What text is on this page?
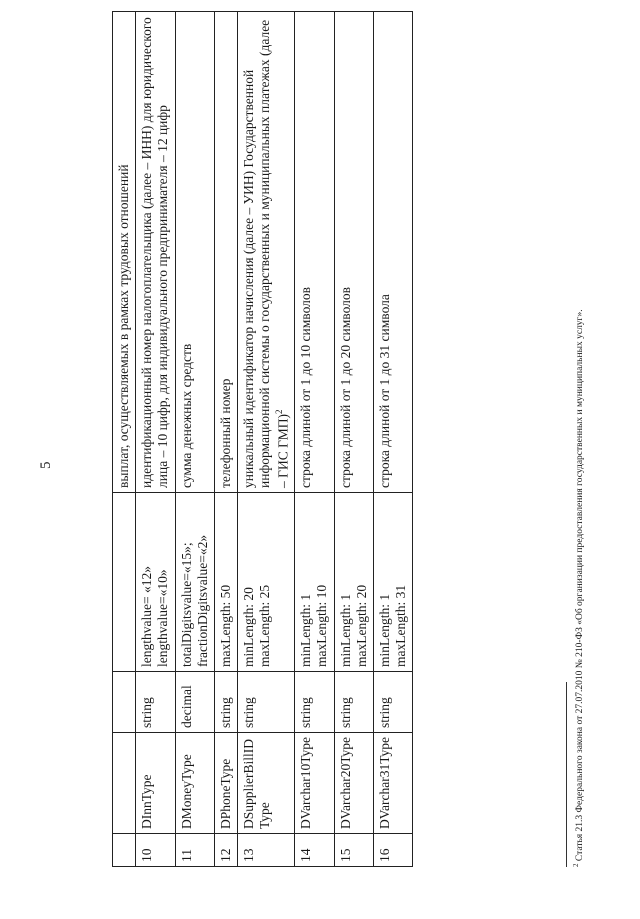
5
					выплат, осуществляемых в рамках трудовых отношений
10	DInnType	string	lengthvalue= «12»
lengthvalue=«10»	идентификационный номер налогоплательщика (далее – ИНН) для юридического лица – 10 цифр, для индивидуального предпринимателя – 12 цифр
11	DMoneyType	decimal	totalDigitsvalue=«15»;
fractionDigitsvalue=«2»	сумма денежных средств
12	DPhoneType	string	maxLength: 50	телефонный номер
13	DSupplierBillID Type	string	minLength: 20
maxLength: 25	уникальный идентификатор начисления (далее – УИН) Государственной информационной системы о государственных и муниципальных платежах (далее – ГИС ГМП)$^2$
14	DVarchar10Type	string	minLength: 1
maxLength: 10	строка длиной от 1 до 10 символов
15	DVarchar20Type	string	minLength: 1
maxLength: 20	строка длиной от 1 до 20 символов
16	DVarchar31Type	string	minLength: 1
maxLength: 31	строка длиной от 1 до 31 символа
$^2$ Статья 21.3 Федерального закона от 27.07.2010 № 210-ФЗ «Об организации предоставления государственных и муниципальных услуг».
